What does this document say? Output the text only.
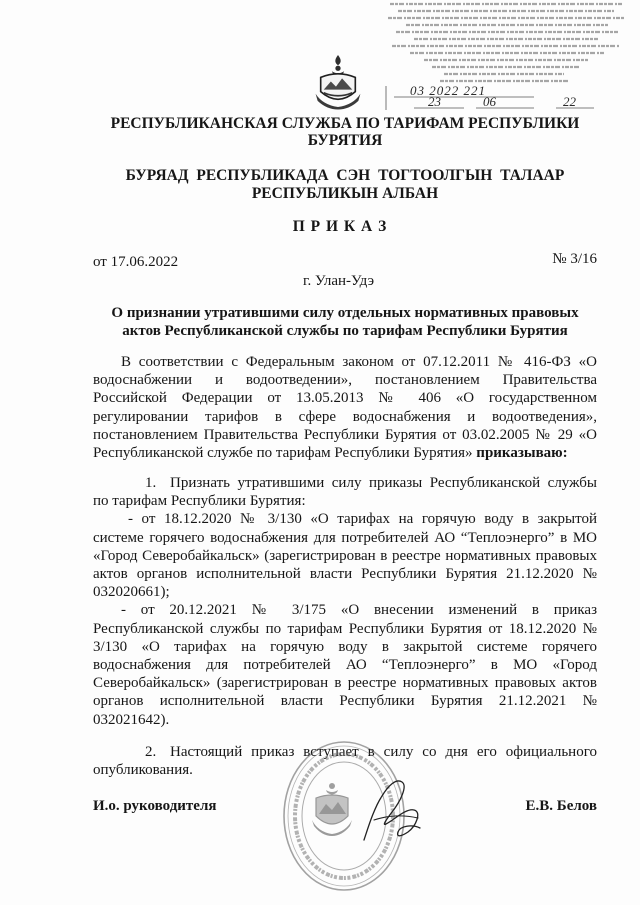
03 2022 221
23	06	22
РЕСПУБЛИКАНСКАЯ СЛУЖБА ПО ТАРИФАМ РЕСПУБЛИКИ
БУРЯТИЯ
БУРЯАД РЕСПУБЛИКАДА СЭН ТОГТООЛГЫН ТАЛААР
РЕСПУБЛИКЫН АЛБАН
П Р И К А З
от 17.06.2022	№ 3/16
г. Улан-Удэ
О признании утратившими силу отдельных нормативных правовых
актов Республиканской службы по тарифам Республики Бурятия
В соответствии с Федеральным законом от 07.12.2011 № 416-ФЗ «О
водоснабжении и водоотведении», постановлением Правительства
Российской Федерации от 13.05.2013 № 406 «О государственном
регулировании тарифов в сфере водоснабжения и водоотведения»,
постановлением Правительства Республики Бурятия от 03.02.2005 № 29 «О
Республиканской службе по тарифам Республики Бурятия» приказываю:
1. Признать утратившими силу приказы Республиканской службы
по тарифам Республики Бурятия:
- от 18.12.2020 № 3/130 «О тарифах на горячую воду в закрытой
системе горячего водоснабжения для потребителей АО “Теплоэнерго” в МО
«Город Северобайкальск» (зарегистрирован в реестре нормативных правовых
актов органов исполнительной власти Республики Бурятия 21.12.2020 №
032020661);
- от 20.12.2021 № 3/175 «О внесении изменений в приказ
Республиканской службы по тарифам Республики Бурятия от 18.12.2020 №
3/130 «О тарифах на горячую воду в закрытой системе горячего
водоснабжения для потребителей АО “Теплоэнерго” в МО «Город
Северобайкальск» (зарегистрирован в реестре нормативных правовых актов
органов исполнительной власти Республики Бурятия 21.12.2021 №
032021642).
2. Настоящий приказ вступает в силу со дня его официального
опубликования.
И.о. руководителя	Е.В. Белов
